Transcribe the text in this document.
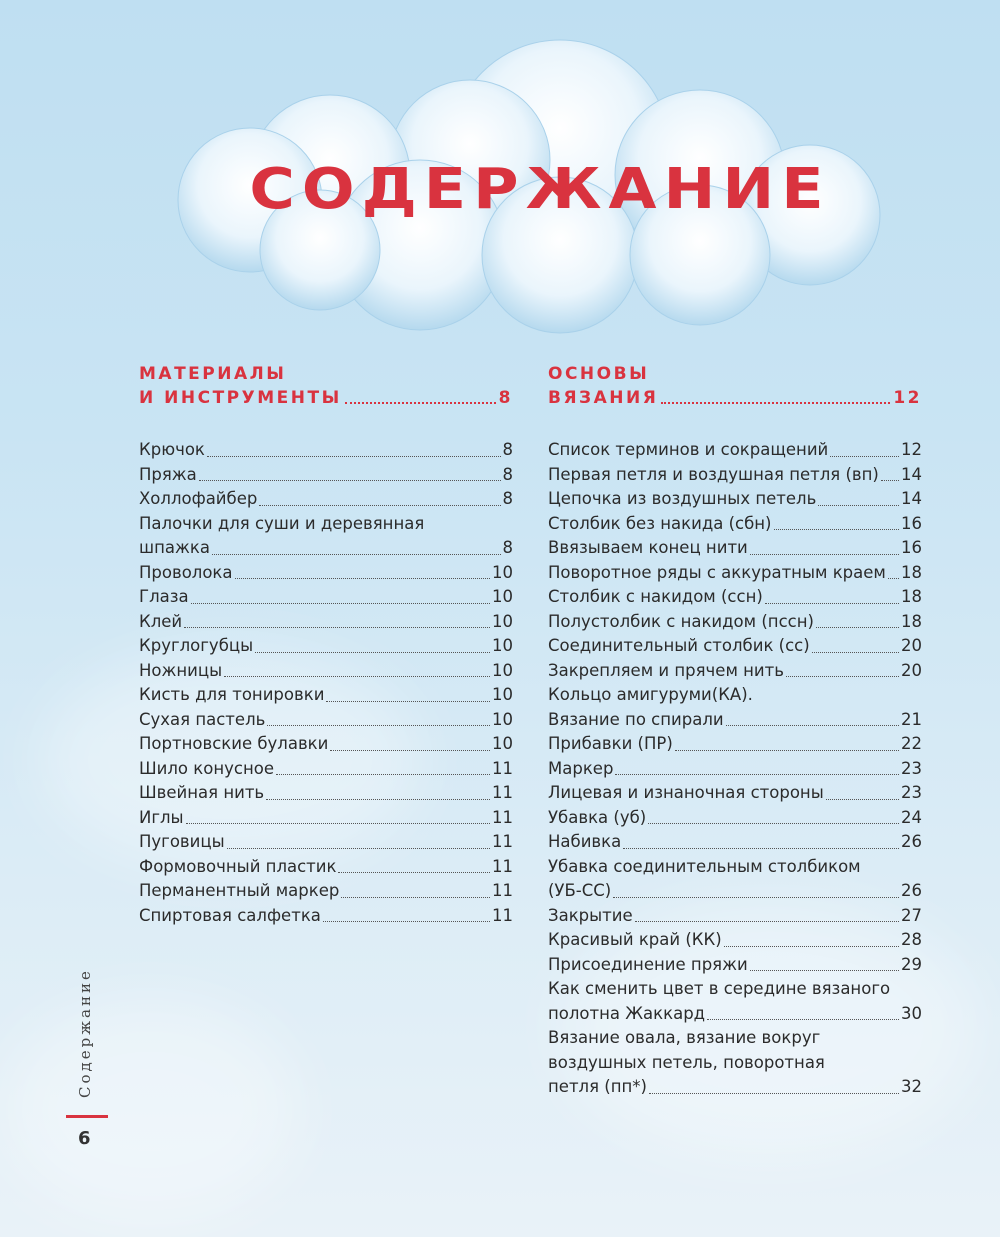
СОДЕРЖАНИЕ
МАТЕРИАЛЫ
И ИНСТРУМЕНТЫ	8
Крючок	8
Пряжа	8
Холлофайбер	8
Палочки для суши и деревянная
шпажка	8
Проволока	10
Глаза	10
Клей	10
Круглогубцы	10
Ножницы	10
Кисть для тонировки	10
Сухая пастель	10
Портновские булавки	10
Шило конусное	11
Швейная нить	11
Иглы	11
Пуговицы	11
Формовочный пластик	11
Перманентный маркер	11
Спиртовая салфетка	11
ОСНОВЫ
ВЯЗАНИЯ	12
Список терминов и сокращений	12
Первая петля и воздушная петля (вп) 14
Цепочка из воздушных петель	14
Столбик без накида (сбн)	16
Ввязываем конец нити	16
Поворотное ряды с аккуратным краем 18
Столбик с накидом (ссн)	18
Полустолбик с накидом (пссн)	18
Соединительный столбик (сс)	20
Закрепляем и прячем нить	20
Кольцо амигуруми(КА).
Вязание по спирали	21
Прибавки (ПР)	22
Маркер	23
Лицевая и изнаночная стороны	23
Убавка (уб)	24
Набивка	26
Убавка соединительным столбиком
(УБ-СС)	26
Закрытие	27
Красивый край (КК)	28
Присоединение пряжи	29
Как сменить цвет в середине вязаного
полотна Жаккард	30
Вязание овала, вязание вокруг
воздушных петель, поворотная
петля (пп*)	32
Содержание
6
